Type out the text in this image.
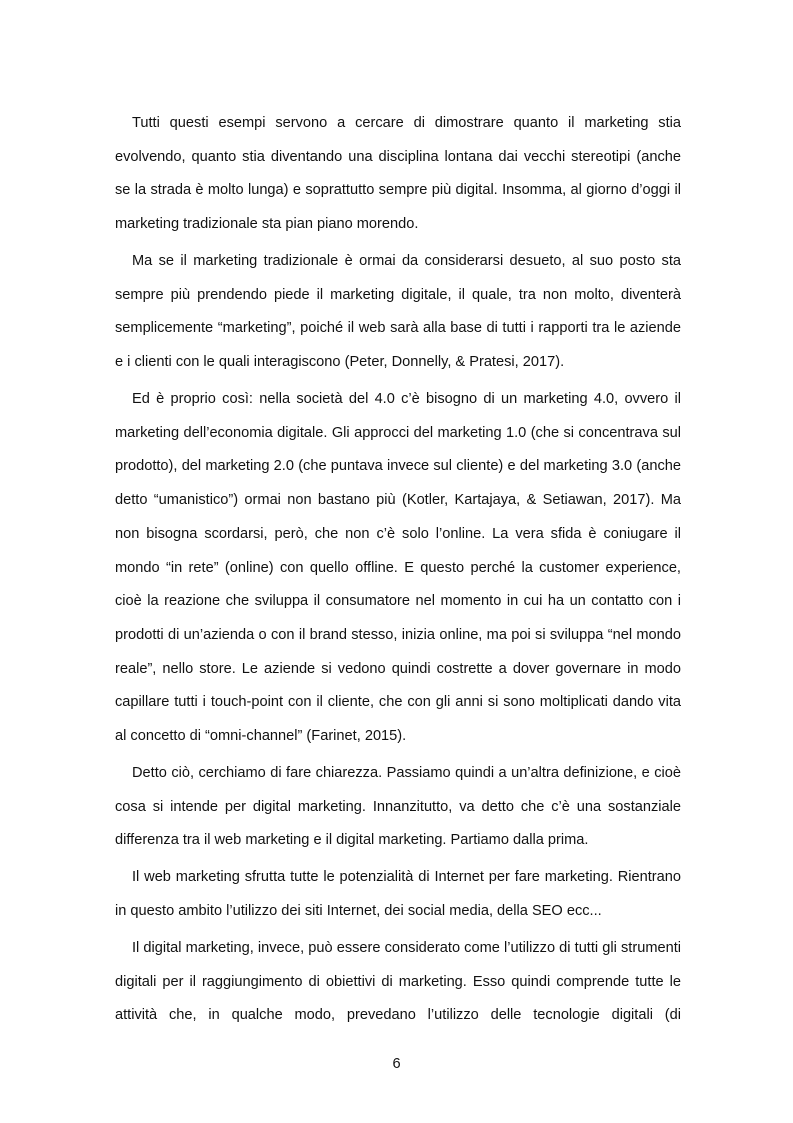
Tutti questi esempi servono a cercare di dimostrare quanto il marketing stia evolvendo, quanto stia diventando una disciplina lontana dai vecchi stereotipi (anche se la strada è molto lunga) e soprattutto sempre più digital. Insomma, al giorno d’oggi il marketing tradizionale sta pian piano morendo.

Ma se il marketing tradizionale è ormai da considerarsi desueto, al suo posto sta sempre più prendendo piede il marketing digitale, il quale, tra non molto, diventerà semplicemente “marketing”, poiché il web sarà alla base di tutti i rapporti tra le aziende e i clienti con le quali interagiscono (Peter, Donnelly, & Pratesi, 2017).

Ed è proprio così: nella società del 4.0 c’è bisogno di un marketing 4.0, ovvero il marketing dell’economia digitale. Gli approcci del marketing 1.0 (che si concentrava sul prodotto), del marketing 2.0 (che puntava invece sul cliente) e del marketing 3.0 (anche detto “umanistico”) ormai non bastano più (Kotler, Kartajaya, & Setiawan, 2017). Ma non bisogna scordarsi, però, che non c’è solo l’online. La vera sfida è coniugare il mondo “in rete” (online) con quello offline. E questo perché la customer experience, cioè la reazione che sviluppa il consumatore nel momento in cui ha un contatto con i prodotti di un’azienda o con il brand stesso, inizia online, ma poi si sviluppa “nel mondo reale”, nello store. Le aziende si vedono quindi costrette a dover governare in modo capillare tutti i touch-point con il cliente, che con gli anni si sono moltiplicati dando vita al concetto di “omni-channel” (Farinet, 2015).

Detto ciò, cerchiamo di fare chiarezza. Passiamo quindi a un’altra definizione, e cioè cosa si intende per digital marketing. Innanzitutto, va detto che c’è una sostanziale differenza tra il web marketing e il digital marketing. Partiamo dalla prima.

Il web marketing sfrutta tutte le potenzialità di Internet per fare marketing. Rientrano in questo ambito l’utilizzo dei siti Internet, dei social media, della SEO ecc...

Il digital marketing, invece, può essere considerato come l’utilizzo di tutti gli strumenti digitali per il raggiungimento di obiettivi di marketing. Esso quindi comprende tutte le attività che, in qualche modo, prevedano l’utilizzo delle tecnologie digitali (di

6
